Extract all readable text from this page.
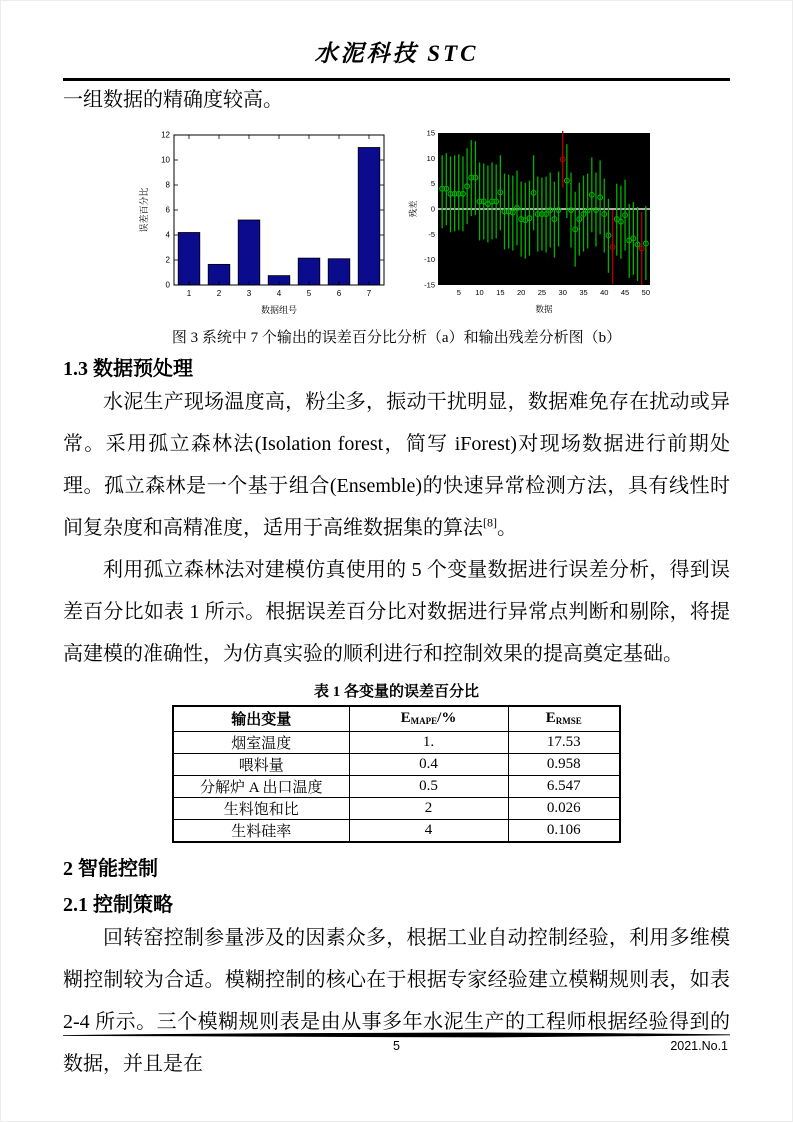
水泥科技 STC

一组数据的精确度较高。

0
2
4
6
8
10
12
1	2	3	4	5	6	7
数据组号
误差百分比
15
10
5
0
-5
-10
-15
5 10 15 20 25 30 35 40 45 50
数据
残差
图 3 系统中 7 个输出的误差百分比分析（a）和输出残差分析图（b）
1.3 数据预处理

水泥生产现场温度高，粉尘多，振动干扰明显，数据难免存在扰动或异常。采用孤立森林法(Isolation forest，简写 iForest)对现场数据进行前期处理。孤立森林是一个基于组合(Ensemble)的快速异常检测方法，具有线性时间复杂度和高精准度，适用于高维数据集的算法[8]。

利用孤立森林法对建模仿真使用的 5 个变量数据进行误差分析，得到误差百分比如表 1 所示。根据误差百分比对数据进行异常点判断和剔除，将提高建模的准确性，为仿真实验的顺利进行和控制效果的提高奠定基础。

表 1 各变量的误差百分比
输出变量	$E_{MAPE}/\%$	$E_{RMSE}$
烟室温度	1.	17.53
喂料量	0.4	0.958
分解炉 A 出口温度	0.5	6.547
生料饱和比	2	0.026
生料硅率	4	0.106
2 智能控制
2.1 控制策略

回转窑控制参量涉及的因素众多，根据工业自动控制经验，利用多维模糊控制较为合适。模糊控制的核心在于根据专家经验建立模糊规则表，如表 2-4 所示。三个模糊规则表是由从事多年水泥生产的工程师根据经验得到的数据，并且是在

5	2021.No.1
